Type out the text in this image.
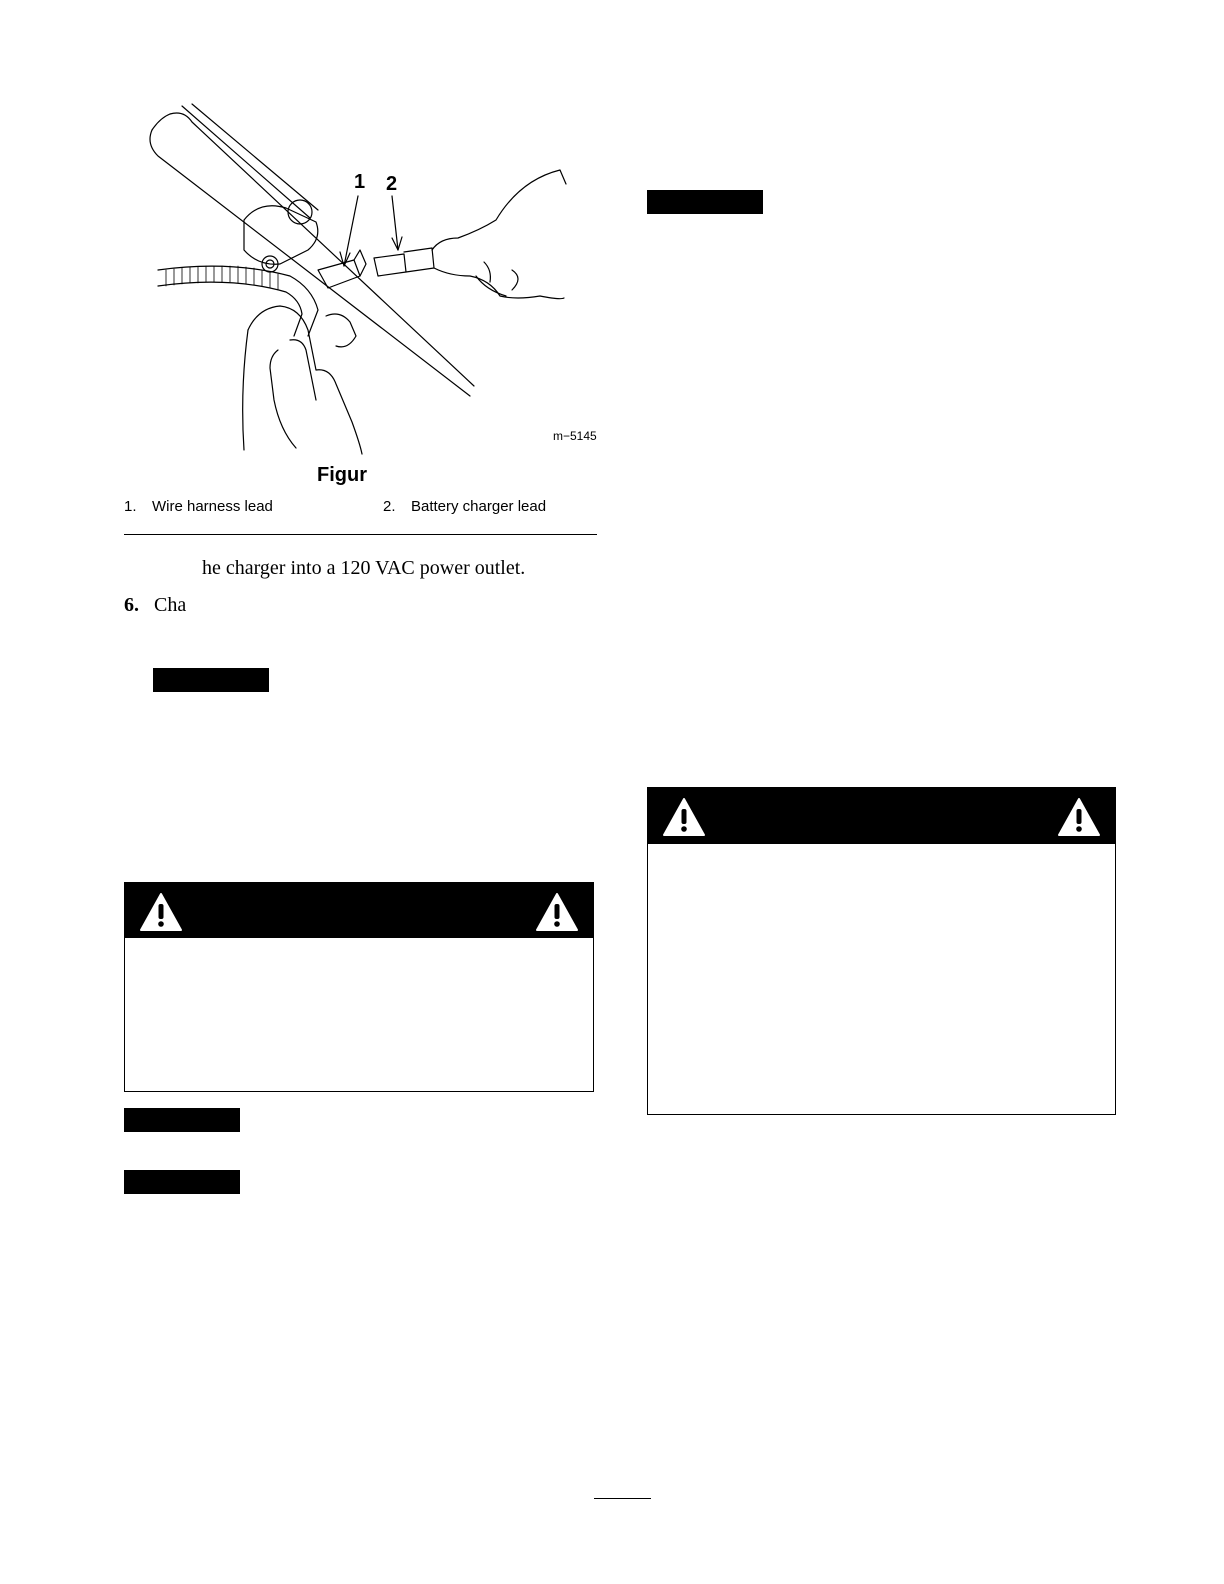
1 2
m−5145
Figur
1. Wire harness lead	2. Battery charger lead
he charger into a 120 VAC power outlet.
6. Cha
